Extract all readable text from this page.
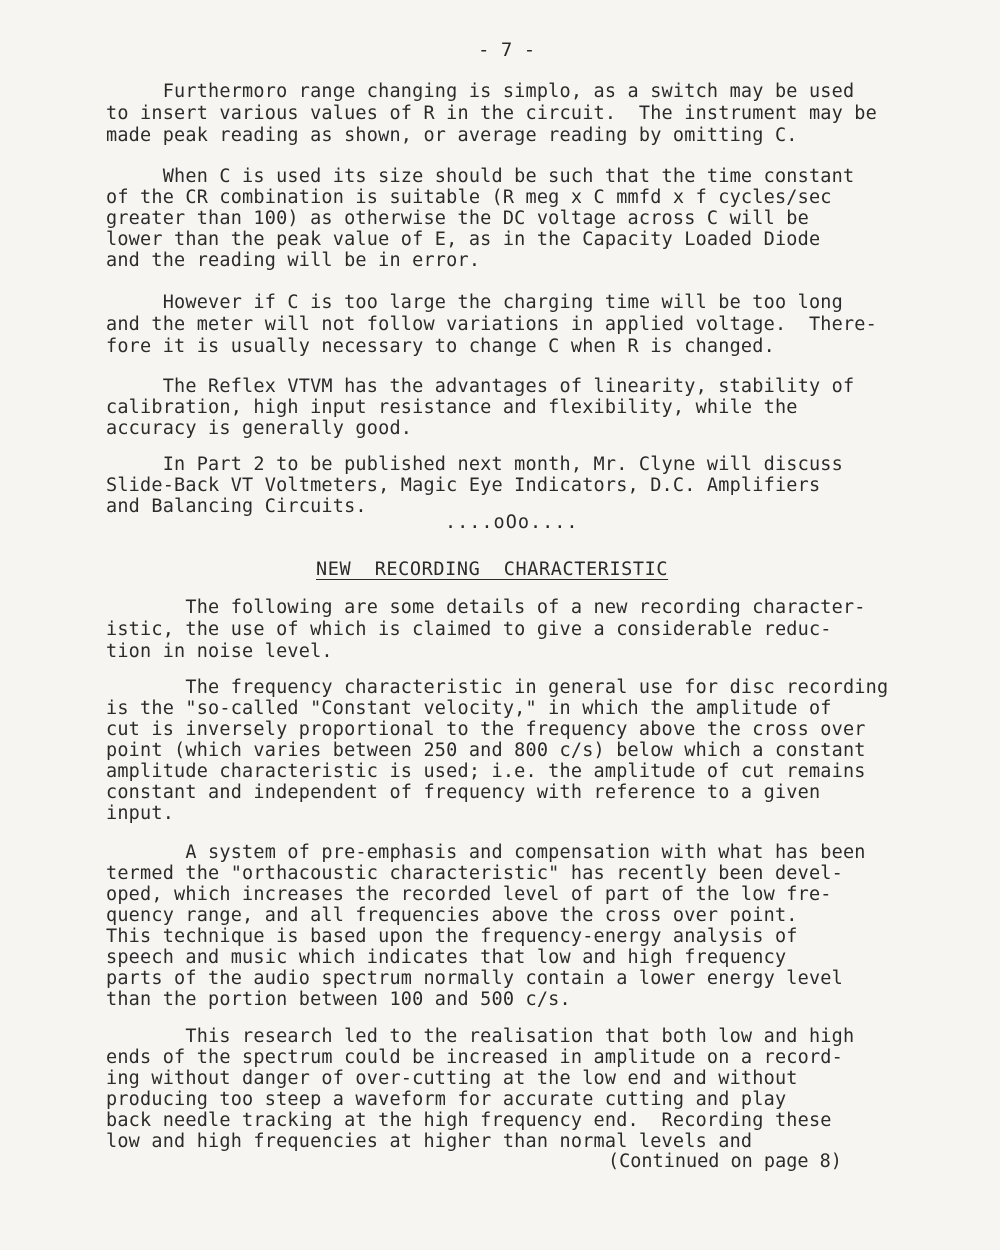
- 7 -
Furthermoro range changing is simplo, as a switch may be used
to insert various values of R in the circuit.  The instrument may be
made peak reading as shown, or average reading by omitting C.
When C is used its size should be such that the time constant
of the CR combination is suitable (R meg x C mmfd x f cycles/sec
greater than 100) as otherwise the DC voltage across C will be
lower than the peak value of E, as in the Capacity Loaded Diode
and the reading will be in error.
However if C is too large the charging time will be too long
and the meter will not follow variations in applied voltage.  There-
fore it is usually necessary to change C when R is changed.
The Reflex VTVM has the advantages of linearity, stability of
calibration, high input resistance and flexibility, while the
accuracy is generally good.
In Part 2 to be published next month, Mr. Clyne will discuss
Slide-Back VT Voltmeters, Magic Eye Indicators, D.C. Amplifiers
and Balancing Circuits.
....oOo....
NEW  RECORDING  CHARACTERISTIC
The following are some details of a new recording character-
istic, the use of which is claimed to give a considerable reduc-
tion in noise level.
The frequency characteristic in general use for disc recording
is the "so-called "Constant velocity," in which the amplitude of
cut is inversely proportional to the frequency above the cross over
point (which varies between 250 and 800 c/s) below which a constant
amplitude characteristic is used; i.e. the amplitude of cut remains
constant and independent of frequency with reference to a given
input.
A system of pre-emphasis and compensation with what has been
termed the "orthacoustic characteristic" has recently been devel-
oped, which increases the recorded level of part of the low fre-
quency range, and all frequencies above the cross over point.
This technique is based upon the frequency-energy analysis of
speech and music which indicates that low and high frequency
parts of the audio spectrum normally contain a lower energy level
than the portion between 100 and 500 c/s.
This research led to the realisation that both low and high
ends of the spectrum could be increased in amplitude on a record-
ing without danger of over-cutting at the low end and without
producing too steep a waveform for accurate cutting and play
back needle tracking at the high frequency end.  Recording these
low and high frequencies at higher than normal levels and
(Continued on page 8)
